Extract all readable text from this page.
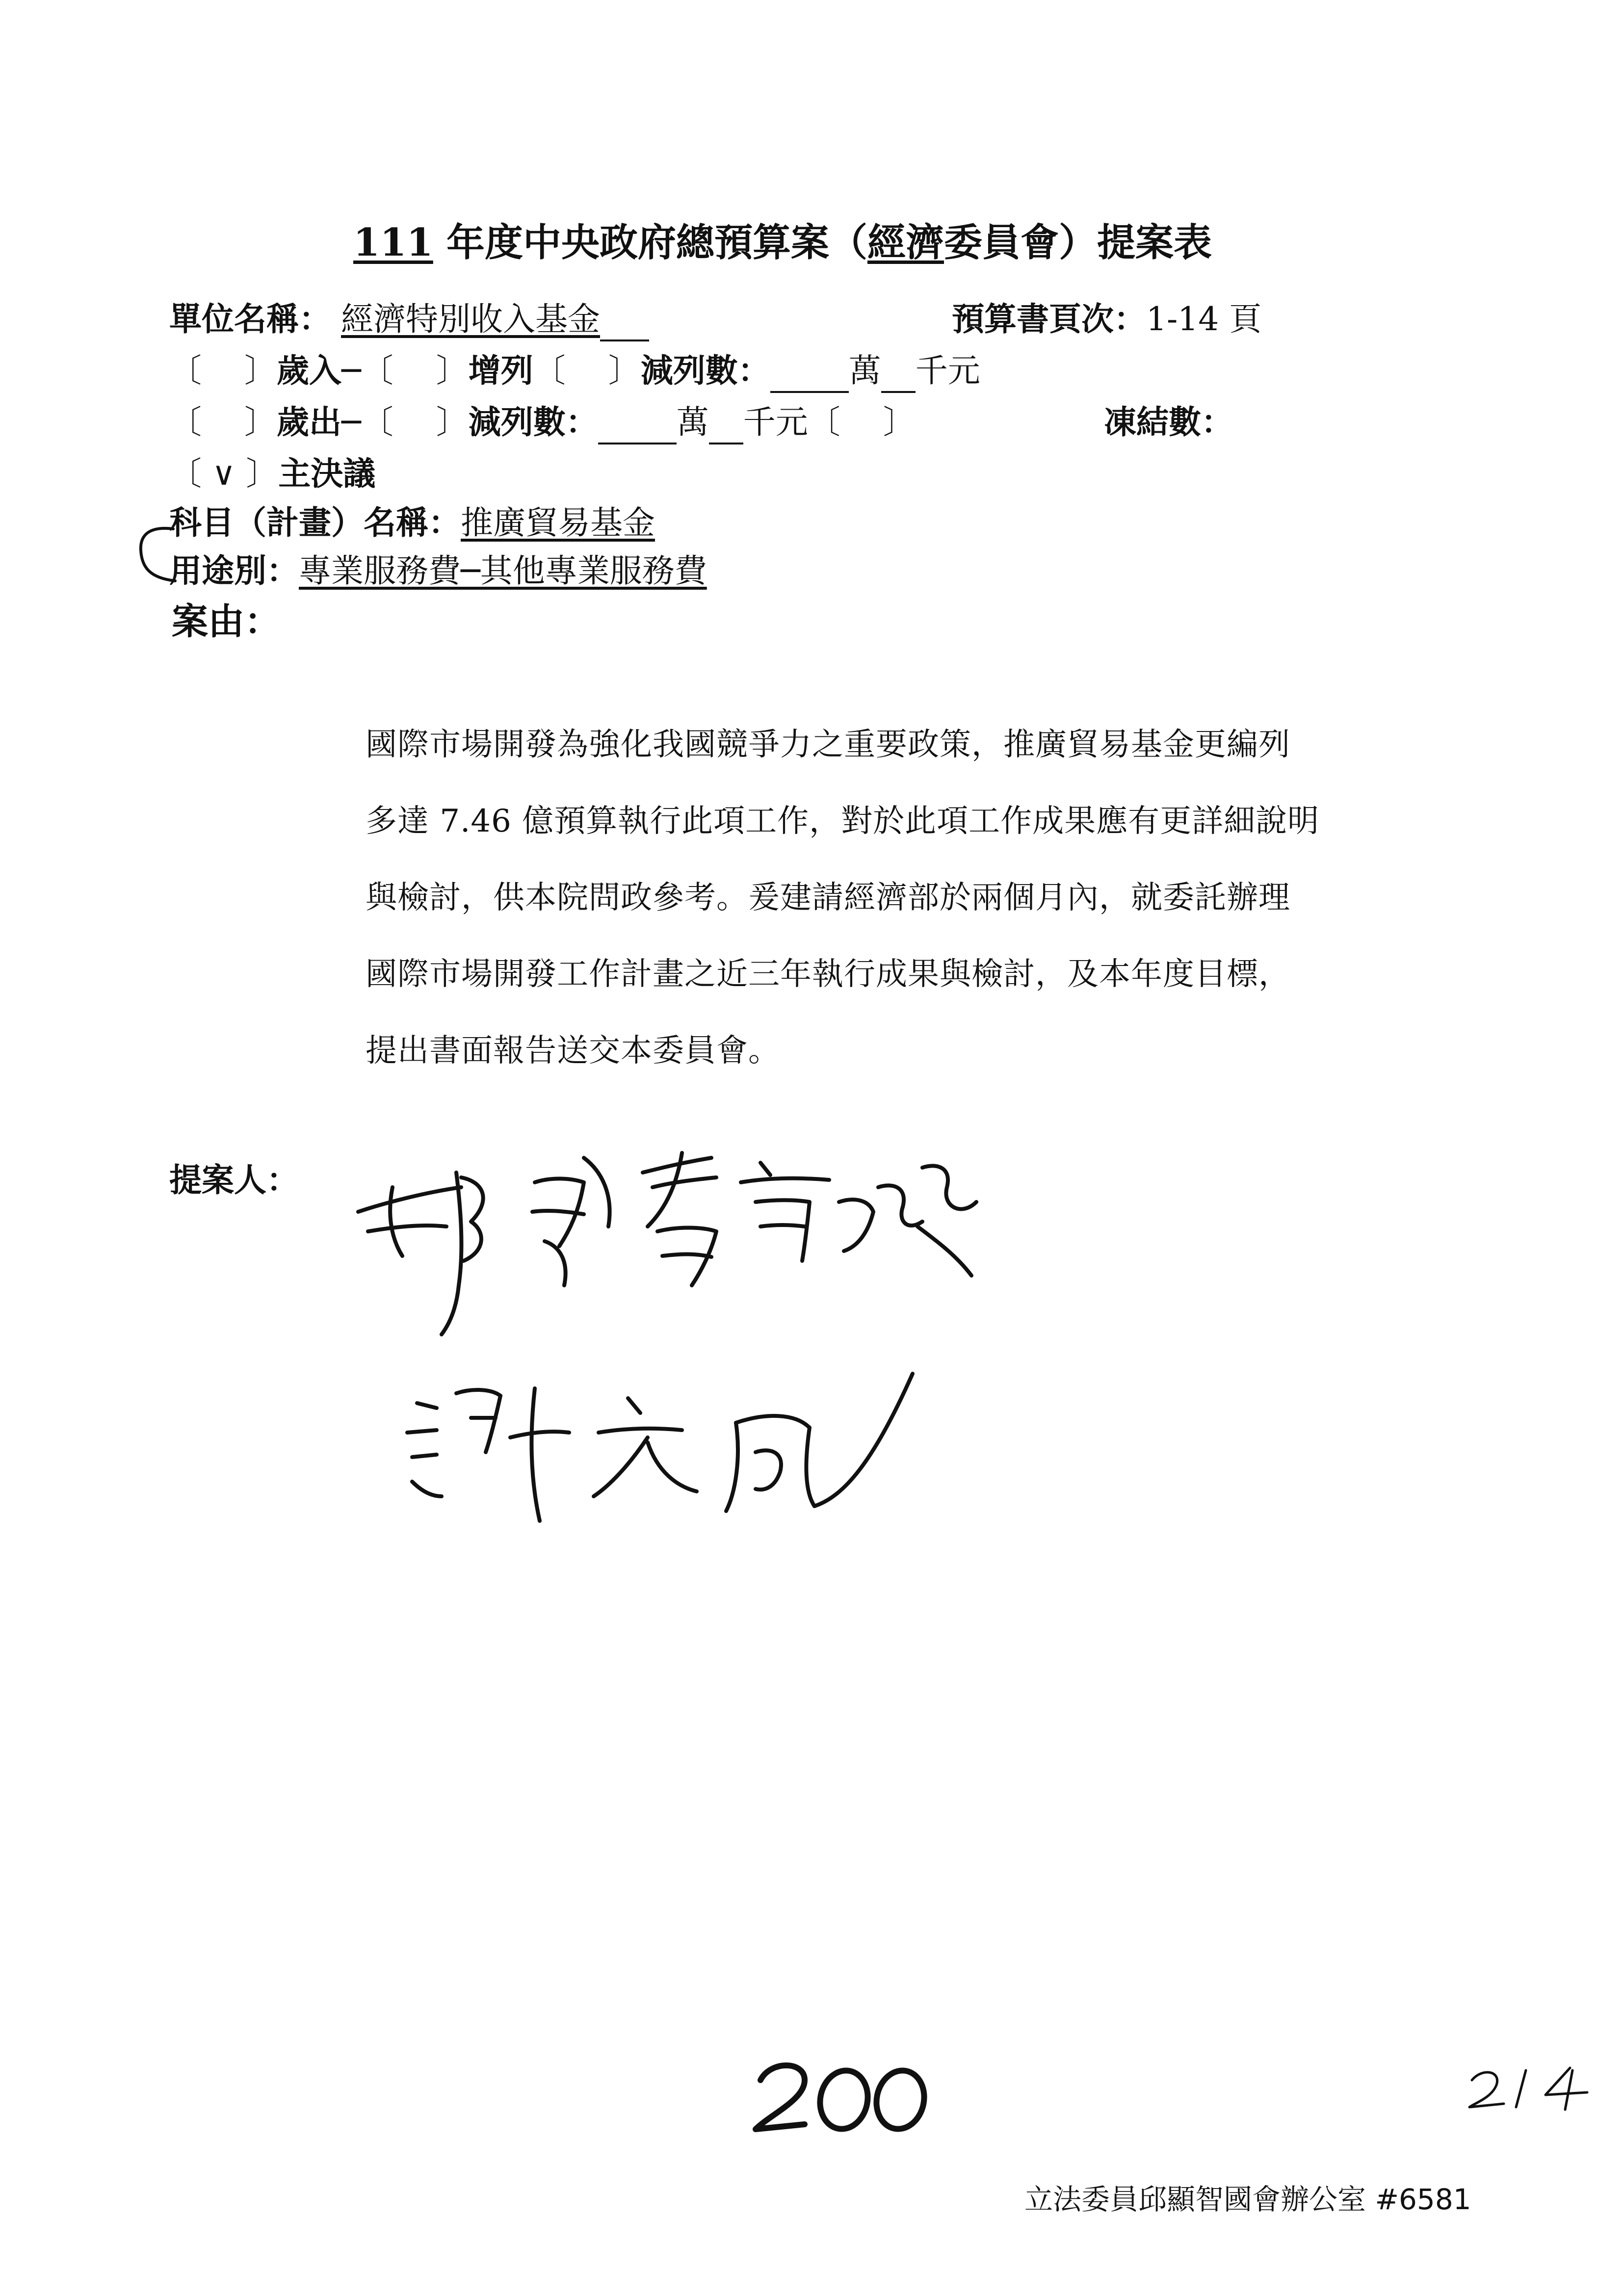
111 年度中央政府總預算案（經濟委員會）提案表
單位名稱： 經濟特別收入基金	預算書頁次：1-14 頁
〔　 〕歲入─〔　 〕增列〔　 〕減列數： 萬 千元
〔　 〕歲出─〔　 〕減列數： 萬 千元〔　 〕	凍結數：
〔 ∨ 〕主決議
科目（計畫）名稱：推廣貿易基金
用途別：專業服務費─其他專業服務費
案由：

國際市場開發為強化我國競爭力之重要政策，推廣貿易基金更編列

多達 7.46 億預算執行此項工作，對於此項工作成果應有更詳細說明

與檢討，供本院問政參考。爰建請經濟部於兩個月內，就委託辦理

國際市場開發工作計畫之近三年執行成果與檢討，及本年度目標，

提出書面報告送交本委員會。

提案人：
立法委員邱顯智國會辦公室 #6581
